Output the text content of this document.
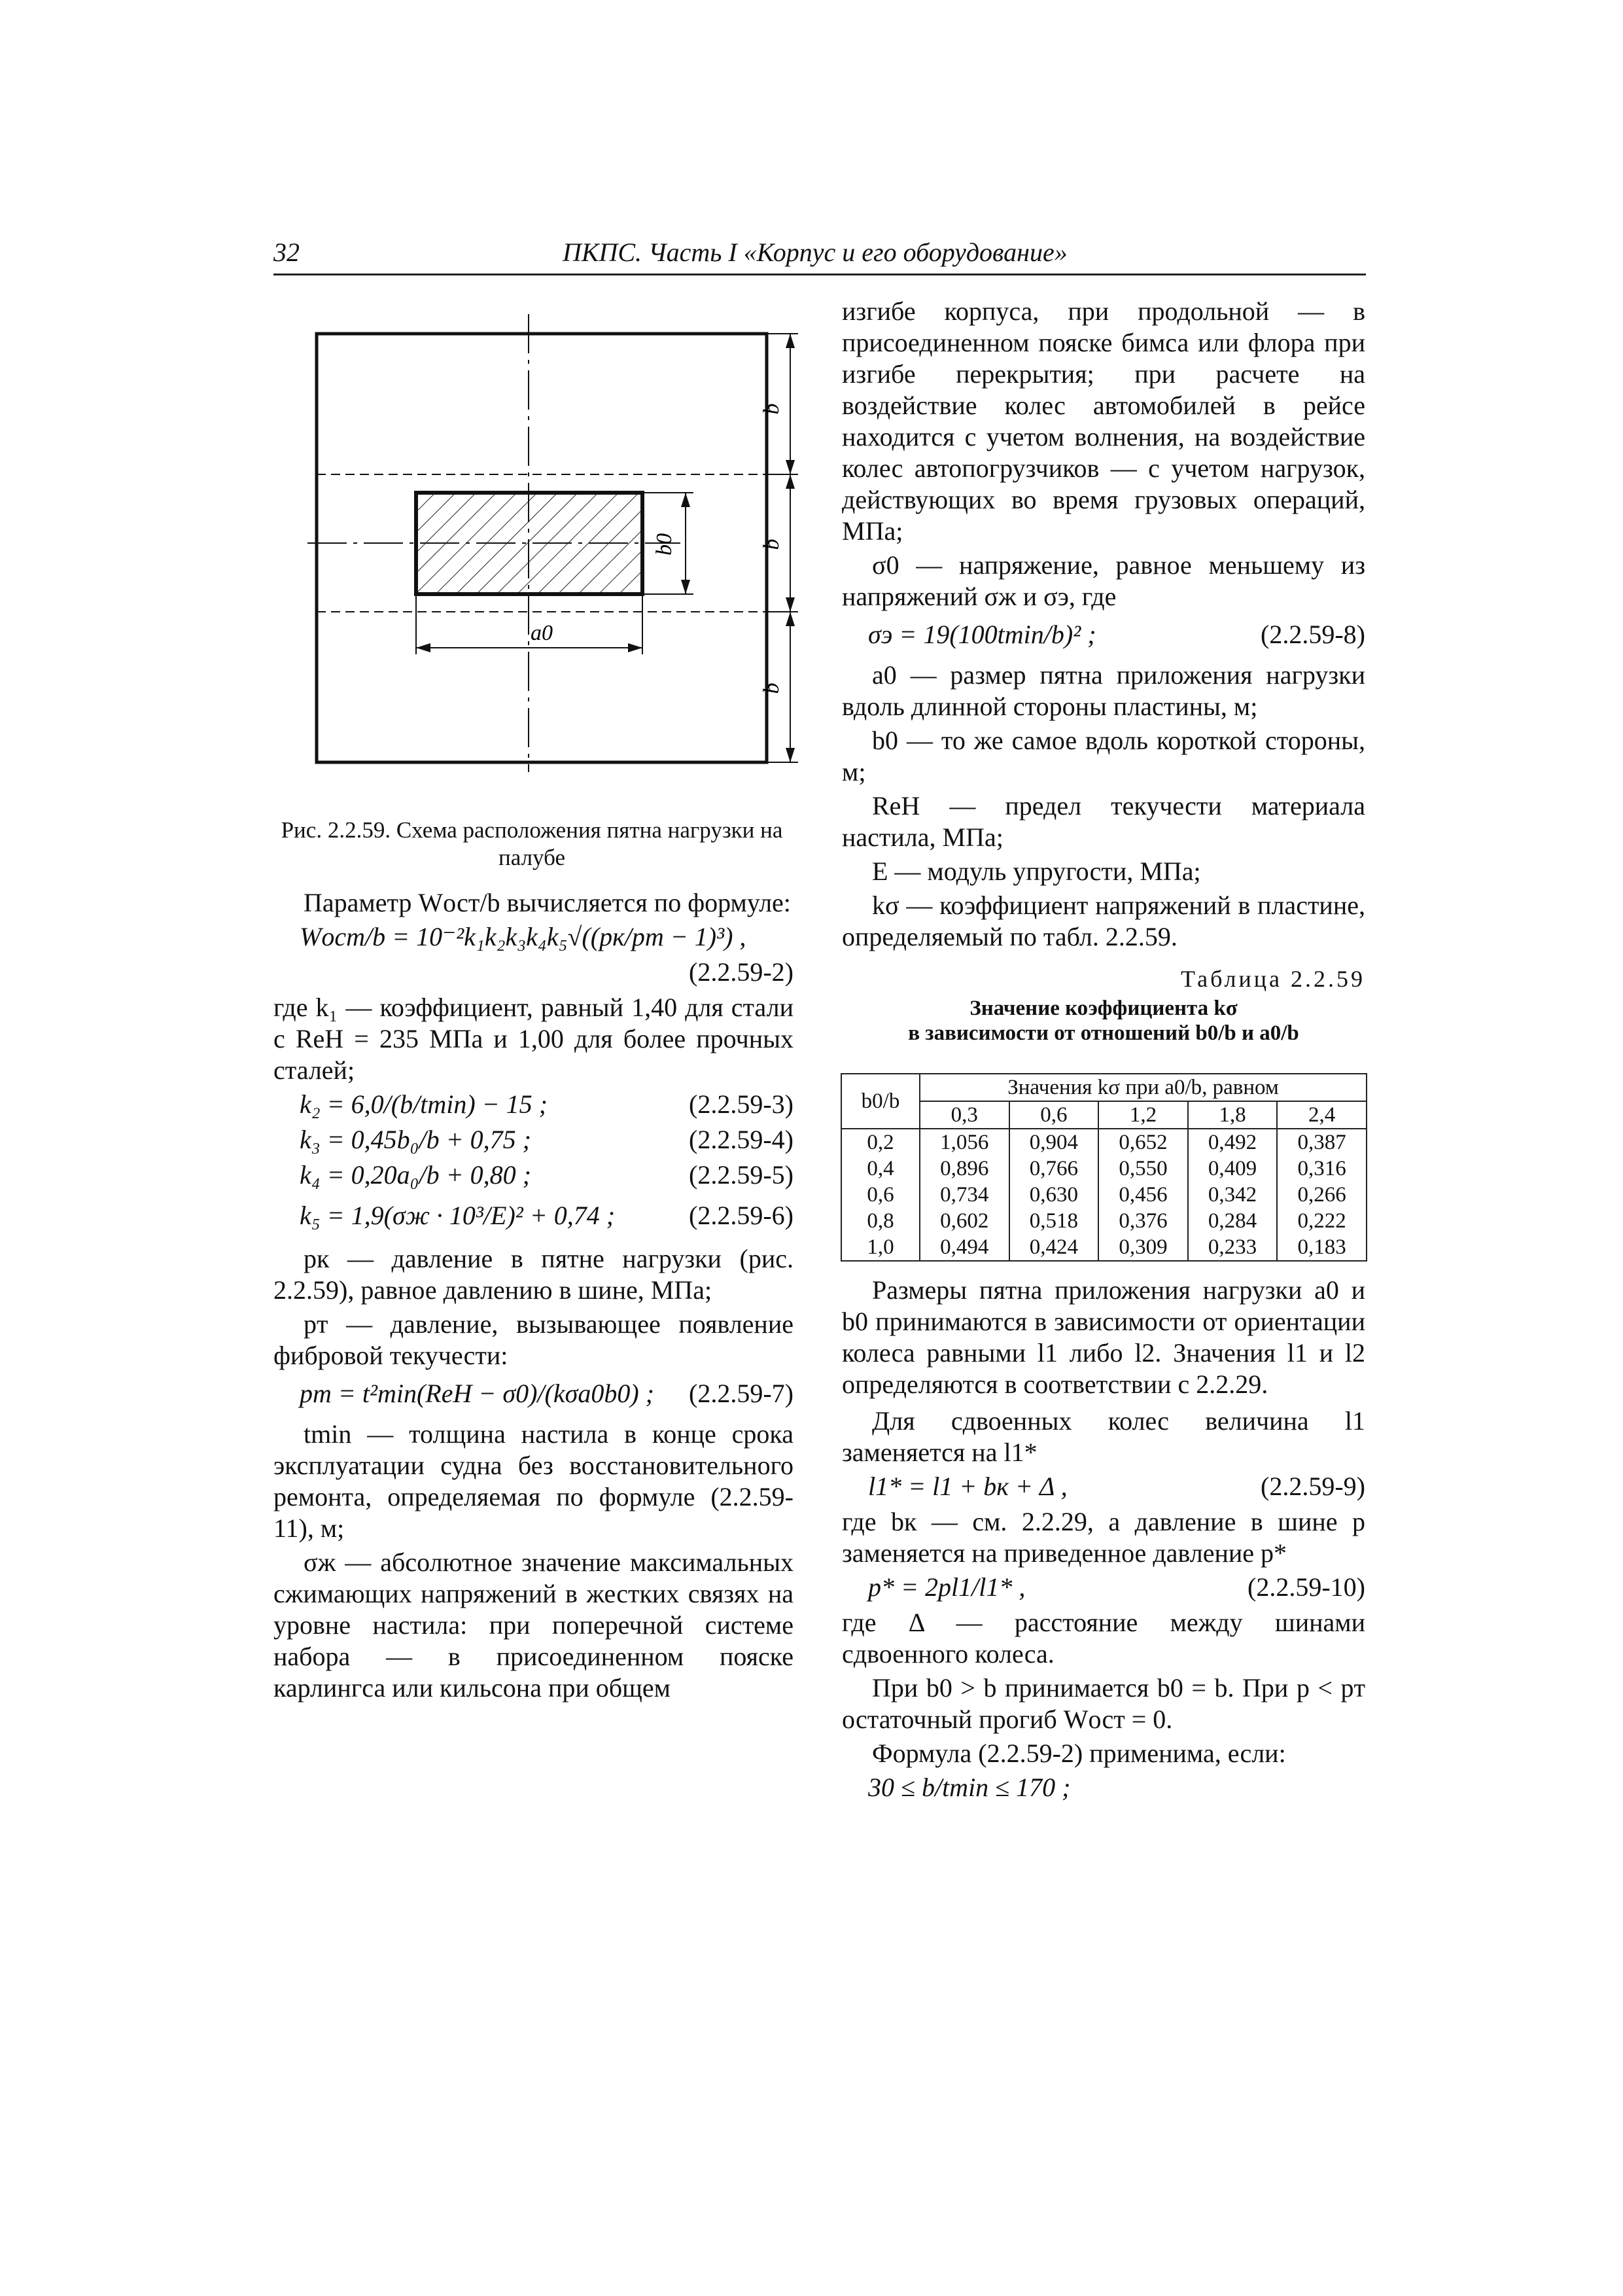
32	ПКПС. Часть I «Корпус и его оборудование»
a0
b0
b
b
b
Рис. 2.2.59. Схема расположения пятна нагрузки на палубе

Параметр Wост/b вычисляется по формуле:

Wост/b = 10⁻²k₁k₂k₃k₄k₅√((pк/pт − 1)³) ,
(2.2.59-2)

где k₁ — коэффициент, равный 1,40 для стали с ReH = 235 МПа и 1,00 для более прочных сталей;

k₂ = 6,0/(b/tmin) − 15 ;	(2.2.59-3)
k₃ = 0,45b₀/b + 0,75 ;	(2.2.59-4)
k₄ = 0,20a₀/b + 0,80 ;	(2.2.59-5)
k₅ = 1,9(σж · 10³/E)² + 0,74 ;	(2.2.59-6)

pк — давление в пятне нагрузки (рис. 2.2.59), равное давлению в шине, МПа;

pт — давление, вызывающее появление фибровой текучести:

pт = t²min(ReH − σ0)/(kσa0b0) ; (2.2.59-7)

tmin — толщина настила в конце срока эксплуатации судна без восстановительного ремонта, определяемая по формуле (2.2.59-11), м;

σж — абсолютное значение максимальных сжимающих напряжений в жестких связях на уровне настила: при поперечной системе набора — в присоединенном пояске карлингса или кильсона при общем

изгибе корпуса, при продольной — в присоединенном пояске бимса или флора при изгибе перекрытия; при расчете на воздействие колес автомобилей в рейсе находится с учетом волнения, на воздействие колес автопогрузчиков — с учетом нагрузок, действующих во время грузовых операций, МПа;

σ0 — напряжение, равное меньшему из напряжений σж и σэ, где

σэ = 19(100tmin/b)² ;	(2.2.59-8)

a0 — размер пятна приложения нагрузки вдоль длинной стороны пластины, м;

b0 — то же самое вдоль короткой стороны, м;

ReH — предел текучести материала настила, МПа;

E — модуль упругости, МПа;

kσ — коэффициент напряжений в пластине, определяемый по табл. 2.2.59.

Таблица 2.2.59
Значение коэффициента kσ
в зависимости от отношений b0/b и a0/b
b0/b	Значения kσ при a0/b, равном				
	0,3	0,6	1,2	1,8	2,4
0,2	1,056	0,904	0,652	0,492	0,387
0,4	0,896	0,766	0,550	0,409	0,316
0,6	0,734	0,630	0,456	0,342	0,266
0,8	0,602	0,518	0,376	0,284	0,222
1,0	0,494	0,424	0,309	0,233	0,183

Размеры пятна приложения нагрузки a0 и b0 принимаются в зависимости от ориентации колеса равными l1 либо l2. Значения l1 и l2 определяются в соответствии с 2.2.29.

Для сдвоенных колес величина l1 заменяется на l1*

l1* = l1 + bк + Δ ,	(2.2.59-9)

где bк — см. 2.2.29, а давление в шине p заменяется на приведенное давление p*

p* = 2pl1/l1* ,	(2.2.59-10)

где Δ — расстояние между шинами сдвоенного колеса.

При b0 > b принимается b0 = b. При p < pт остаточный прогиб Wост = 0.

Формула (2.2.59-2) применима, если:

30 ≤ b/tmin ≤ 170 ;
